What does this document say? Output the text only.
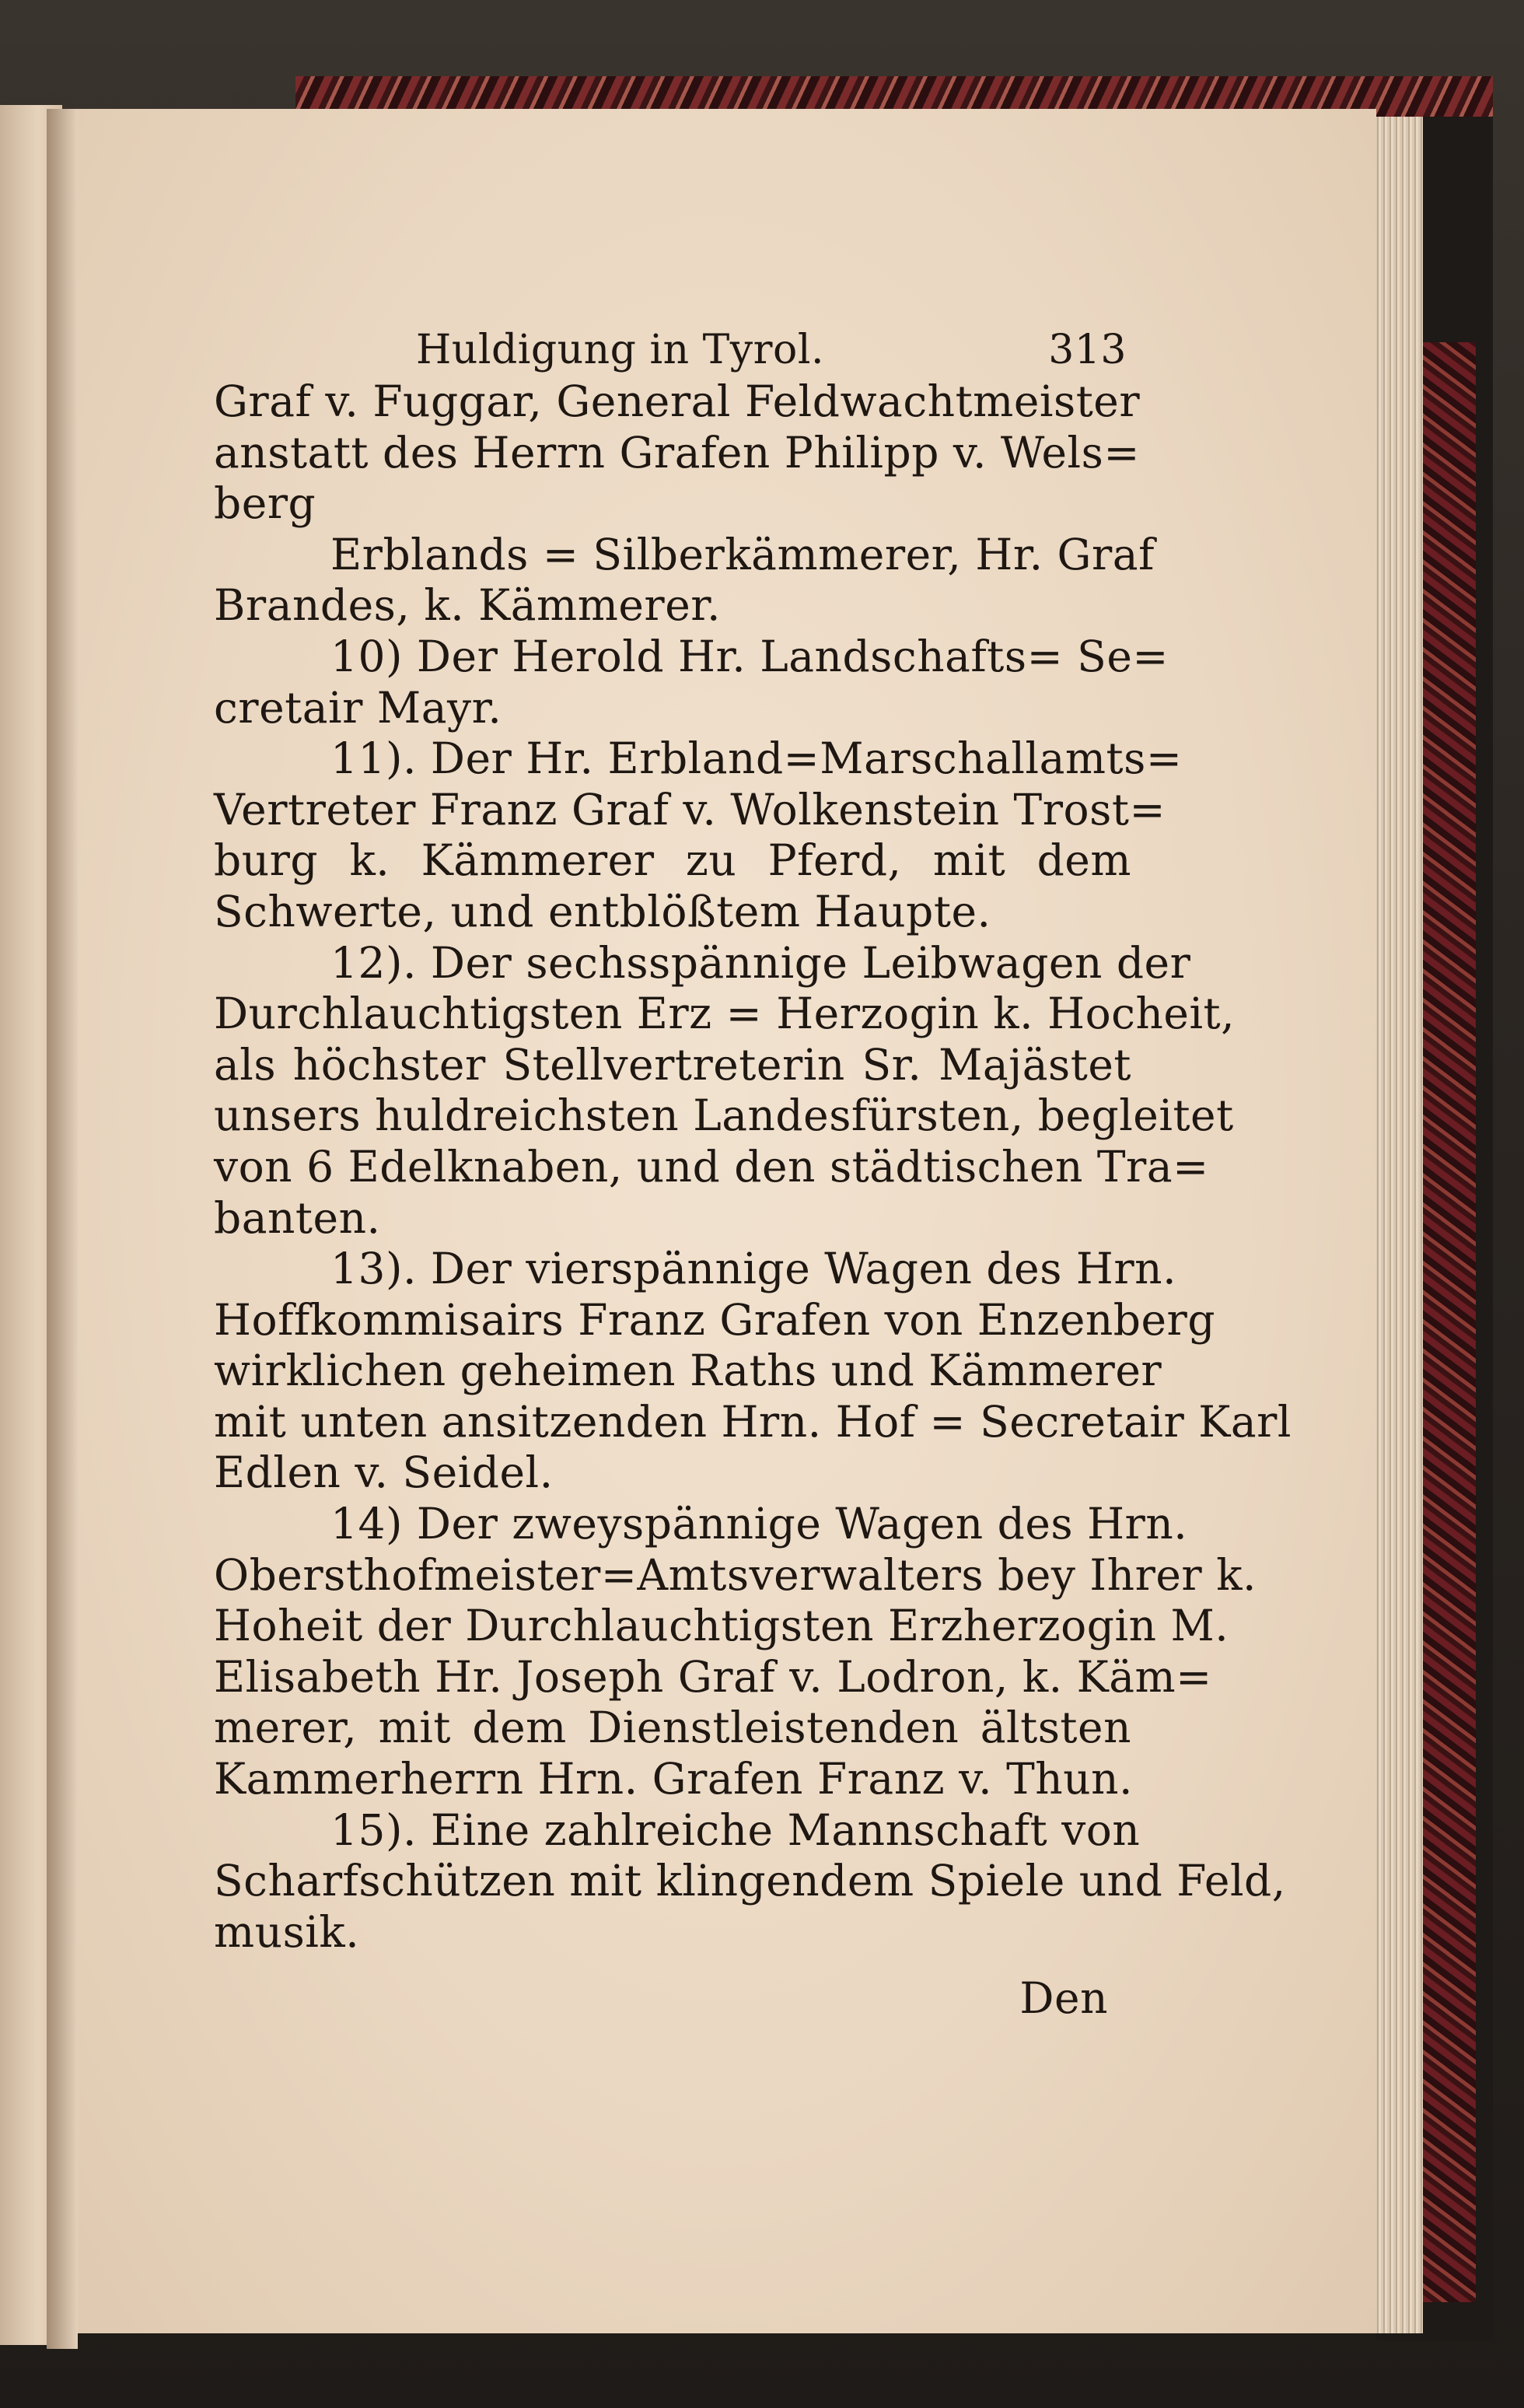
Huldigung in Tyrol.	313
Graf v. Fuggar, General Feldwachtmeister
anstatt des Herrn Grafen Philipp v. Wels=
berg
Erblands = Silberkämmerer, Hr. Graf
Brandes, k. Kämmerer.
10) Der Herold Hr. Landschafts= Se=
cretair Mayr.
11). Der Hr. Erbland=Marschallamts=
Vertreter Franz Graf v. Wolkenstein Trost=
burg k. Kämmerer zu Pferd, mit dem
Schwerte, und entblößtem Haupte.
12). Der sechsspännige Leibwagen der
Durchlauchtigsten Erz = Herzogin k. Hocheit,
als höchster Stellvertreterin Sr. Majästet
unsers huldreichsten Landesfürsten, begleitet
von 6 Edelknaben, und den städtischen Tra=
banten.
13). Der vierspännige Wagen des Hrn.
Hoffkommisairs Franz Grafen von Enzenberg
wirklichen geheimen Raths und Kämmerer
mit unten ansitzenden Hrn. Hof = Secretair Karl
Edlen v. Seidel.
14) Der zweyspännige Wagen des Hrn.
Obersthofmeister=Amtsverwalters bey Ihrer k.
Hoheit der Durchlauchtigsten Erzherzogin M.
Elisabeth Hr. Joseph Graf v. Lodron, k. Käm=
merer, mit dem Dienstleistenden ältsten
Kammerherrn Hrn. Grafen Franz v. Thun.
15). Eine zahlreiche Mannschaft von
Scharfschützen mit klingendem Spiele und Feld,
musik.
Den
